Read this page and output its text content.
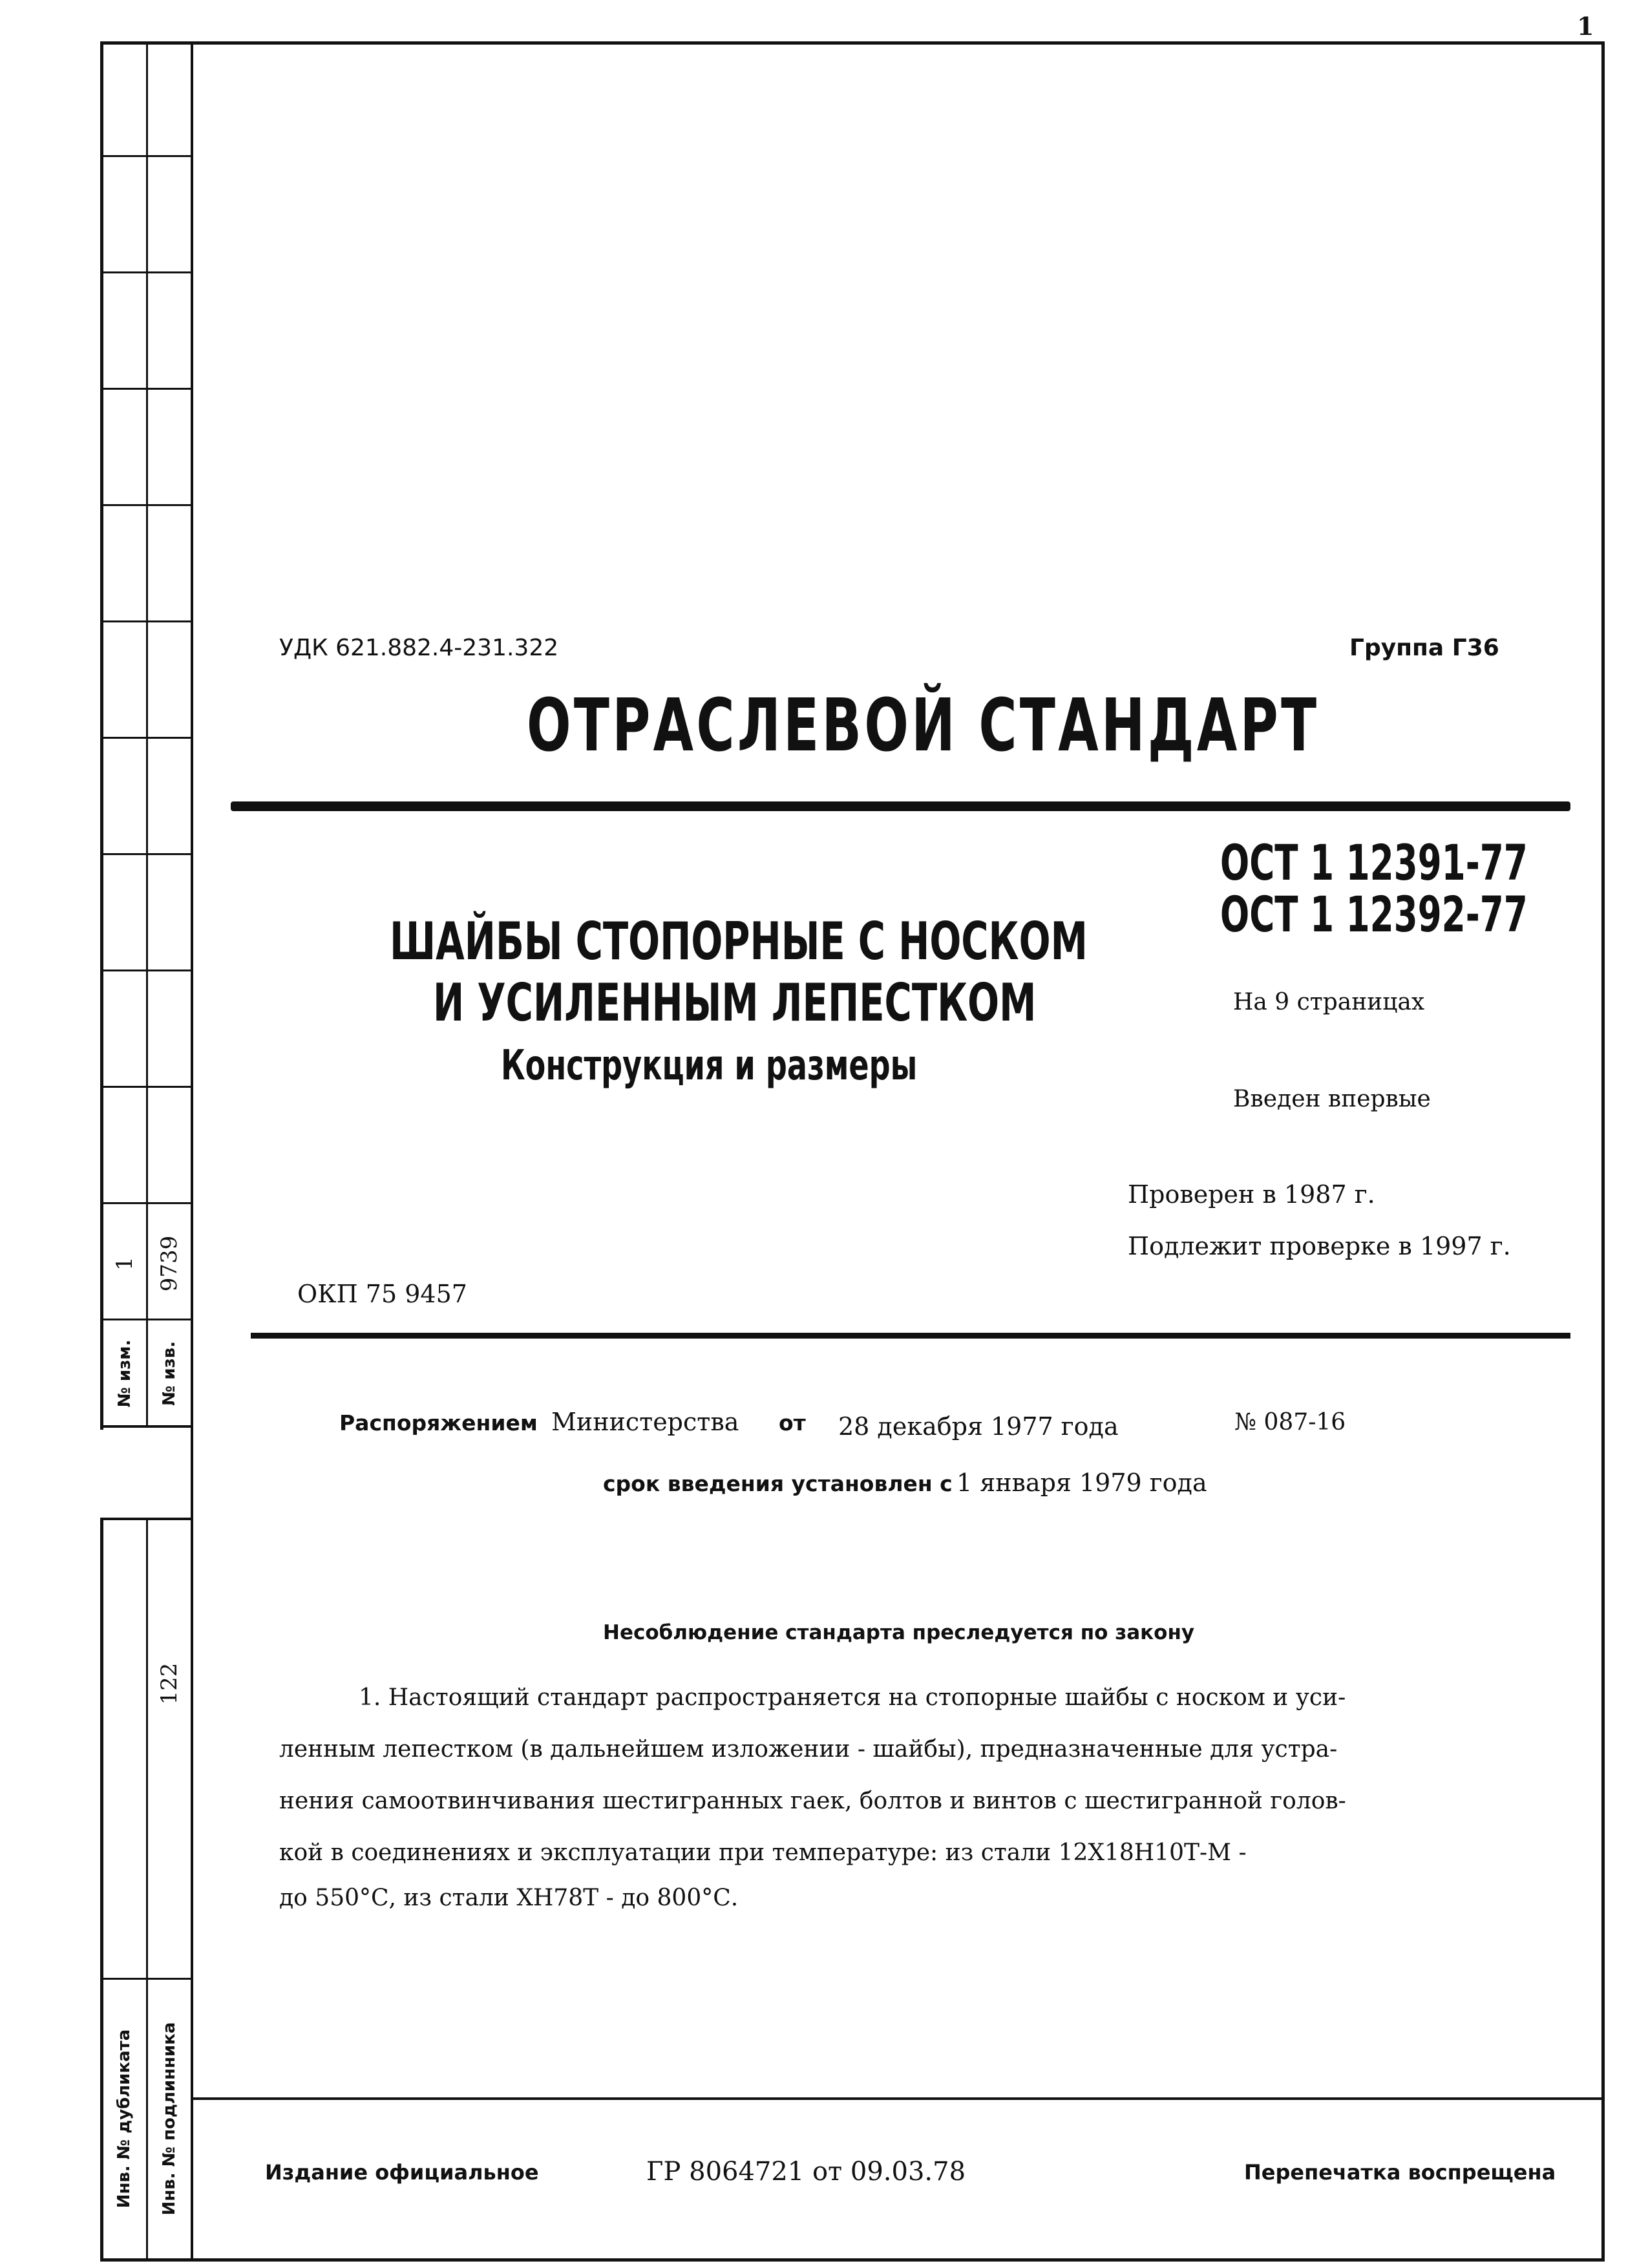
1
№ изм.
1
№ изв.
9739
122
Инв. № подлинника
Инв. № дубликата
УДК 621.882.4-231.322	Группа Г36
ОТРАСЛЕВОЙ СТАНДАРТ
ОСТ 1 12391-77
ОСТ 1 12392-77
ШАЙБЫ СТОПОРНЫЕ С НОСКОМ
И УСИЛЕННЫМ ЛЕПЕСТКОМ
Конструкция и размеры
На 9 страницах
Введен впервые
Проверен в 1987 г.
Подлежит проверке в 1997 г.
ОКП 75 9457
Распоряжением Министерства от 28 декабря 1977 года	№ 087-16
срок введения установлен с 1 января 1979 года
Несоблюдение стандарта преследуется по закону
1. Настоящий стандарт распространяется на стопорные шайбы с носком и уси-
ленным лепестком (в дальнейшем изложении - шайбы), предназначенные для устра-
нения самоотвинчивания шестигранных гаек, болтов и винтов с шестигранной голов-
кой в соединениях и эксплуатации при температуре: из стали 12Х18Н10Т-М -
до 550°С, из стали ХН78Т - до 800°С.
Издание официальное	ГР 8064721 от 09.03.78	Перепечатка воспрещена
